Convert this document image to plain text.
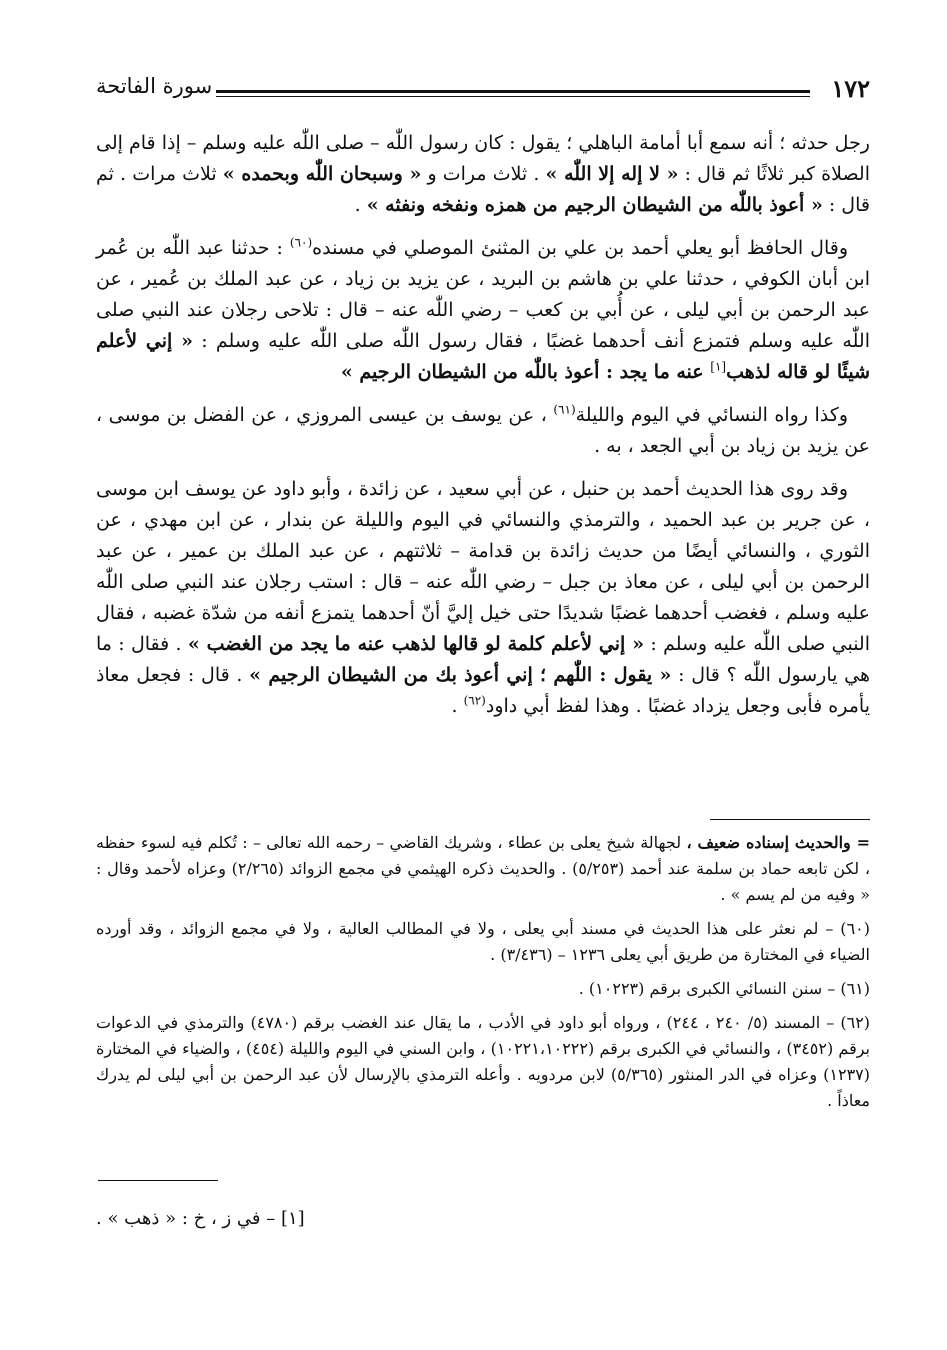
١٧٢
سورة الفاتحة

رجل حدثه ؛ أنه سمع أبا أمامة الباهلي ؛ يقول : كان رسول اللّٰه – صلى اللّٰه عليه وسلم – إذا قام إلى الصلاة كبر ثلاثًا ثم قال : « لا إله إلا اللّٰه » . ثلاث مرات و « وسبحان اللّٰه وبحمده » ثلاث مرات . ثم قال : « أعوذ باللّٰه من الشيطان الرجيم من همزه ونفخه ونفثه » .

وقال الحافظ أبو يعلي أحمد بن علي بن المثنئ الموصلي في مسنده$^{(٦٠)}$ : حدثنا عبد اللّٰه بن عُمر ابن أبان الكوفي ، حدثنا علي بن هاشم بن البريد ، عن يزيد بن زياد ، عن عبد الملك بن عُمير ، عن عبد الرحمن بن أبي ليلى ، عن أُبي بن كعب – رضي اللّٰه عنه – قال : تلاحى رجلان عند النبي صلى اللّٰه عليه وسلم فتمزع أنف أحدهما غضبًا ، فقال رسول اللّٰه صلى اللّٰه عليه وسلم : « إني لأعلم شيئًا لو قاله لذهب[١] عنه ما يجد : أعوذ باللّٰه من الشيطان الرجيم »

وكذا رواه النسائي في اليوم والليلة$^{(٦١)}$ ، عن يوسف بن عيسى المروزي ، عن الفضل بن موسى ، عن يزيد بن زياد بن أبي الجعد ، به .

وقد روى هذا الحديث أحمد بن حنبل ، عن أبي سعيد ، عن زائدة ، وأبو داود عن يوسف ابن موسى ، عن جرير بن عبد الحميد ، والترمذي والنسائي في اليوم والليلة عن بندار ، عن ابن مهدي ، عن الثوري ، والنسائي أيضًا من حديث زائدة بن قدامة – ثلاثتهم ، عن عبد الملك بن عمير ، عن عبد الرحمن بن أبي ليلى ، عن معاذ بن جبل – رضي اللّٰه عنه – قال : استب رجلان عند النبي صلى اللّٰه عليه وسلم ، فغضب أحدهما غضبًا شديدًا حتى خيل إليَّ أنّ أحدهما يتمزع أنفه من شدّة غضبه ، فقال النبي صلى اللّٰه عليه وسلم : « إني لأعلم كلمة لو قالها لذهب عنه ما يجد من الغضب » . فقال : ما هي يارسول اللّٰه ؟ قال : « يقول : اللّٰهم ؛ إني أعوذ بك من الشيطان الرجيم » . قال : فجعل معاذ يأمره فأبى وجعل يزداد غضبًا . وهذا لفظ أبي داود$^{(٦٢)}$ .

= والحديث إسناده ضعيف ، لجهالة شيخ يعلى بن عطاء ، وشريك القاضي – رحمه الله تعالى – : تُكلم فيه لسوء حفظه ، لكن تابعه حماد بن سلمة عند أحمد (٥/٢٥٣) . والحديث ذكره الهيثمي في مجمع الزوائد (٢/٢٦٥) وعزاه لأحمد وقال : « وفيه من لم يسم » .
(٦٠) – لم نعثر على هذا الحديث في مسند أبي يعلى ، ولا في المطالب العالية ، ولا في مجمع الزوائد ، وقد أورده الضياء في المختارة من طريق أبي يعلى ١٢٣٦ – (٣/٤٣٦) .
(٦١) – سنن النسائي الكبرى برقم (١٠٢٢٣) .
(٦٢) – المسند (٥/ ٢٤٠ ، ٢٤٤) ، ورواه أبو داود في الأدب ، ما يقال عند الغضب برقم (٤٧٨٠) والترمذي في الدعوات برقم (٣٤٥٢) ، والنسائي في الكبرى برقم (١٠٢٢١،١٠٢٢٢) ، وابن السني في اليوم والليلة (٤٥٤) ، والضياء في المختارة (١٢٣٧) وعزاه في الدر المنثور (٥/٣٦٥) لابن مردويه . وأعله الترمذي بالإرسال لأن عبد الرحمن بن أبي ليلى لم يدرك معاذاً .
[١] – في ز ، خ : « ذهب » .
